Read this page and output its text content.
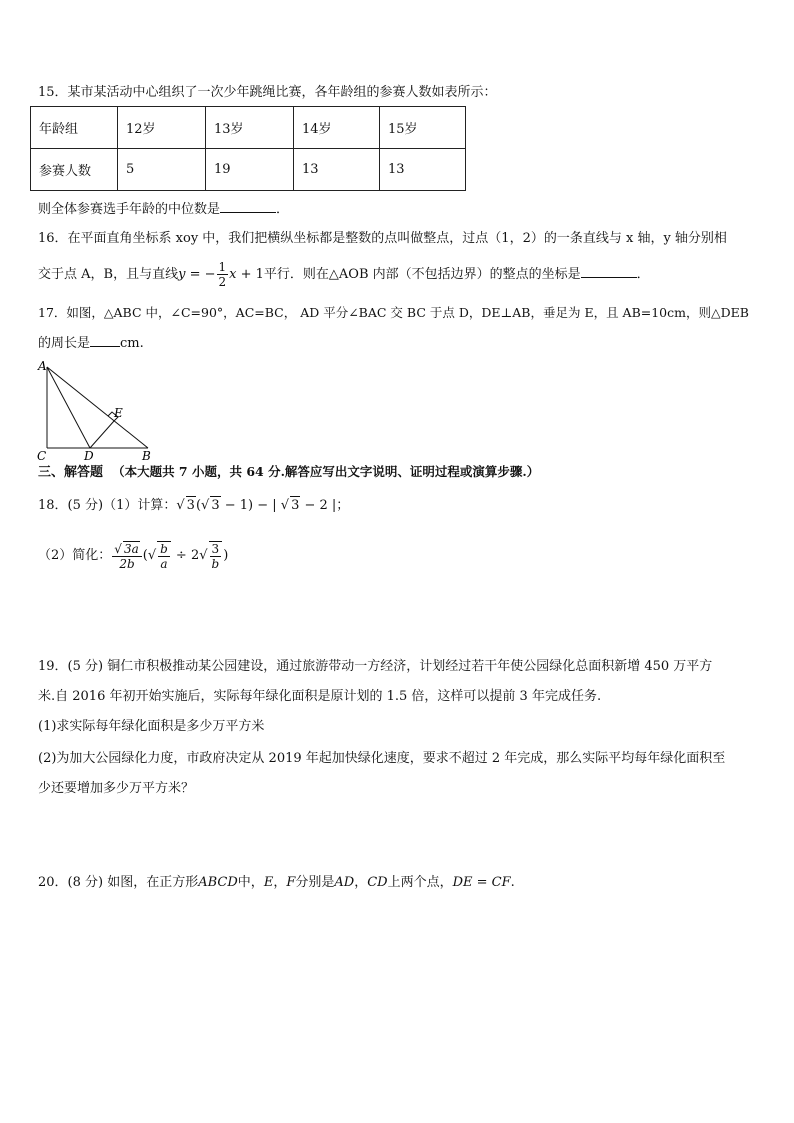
15．某市某活动中心组织了一次少年跳绳比赛，各年龄组的参赛人数如表所示：
年龄组	12岁	13岁	14岁	15岁
参赛人数	5	19	13	13
则全体参赛选手年龄的中位数是	．
16．在平面直角坐标系 xoy 中，我们把横纵坐标都是整数的点叫做整点，过点（1，2）的一条直线与 x 轴，y 轴分别相
交于点 A，B，且与直线y = − $\frac{1}{2}$ x + 1平行．则在△AOB 内部（不包括边界）的整点的坐标是	．
17．如图，△ABC 中，∠C=90°，AC=BC， AD 平分∠BAC 交 BC 于点 D，DE⊥AB，垂足为 E，且 AB=10cm，则△DEB
的周长是 cm.
A
C	D	B
E
三、解答题 （本大题共 7 小题，共 64 分.解答应写出文字说明、证明过程或演算步骤.）
18．(5 分)（1）计算：√ 3(√ 3 − 1) − | √ 3 − 2 |；
（2）简化： $\frac{√ 3a}{2b}$ (√ $\frac{b}{a} \div 2√ \frac{3}{b}$ )
19．(5 分) 铜仁市积极推动某公园建设，通过旅游带动一方经济，计划经过若干年使公园绿化总面积新增 450 万平方
米.自 2016 年初开始实施后，实际每年绿化面积是原计划的 1.5 倍，这样可以提前 3 年完成任务.
(1)求实际每年绿化面积是多少万平方米
(2)为加大公园绿化力度，市政府决定从 2019 年起加快绿化速度，要求不超过 2 年完成，那么实际平均每年绿化面积至
少还要增加多少万平方米？
20．(8 分) 如图，在正方形ABCD中，E，F分别是AD，CD上两个点，DE = CF.
